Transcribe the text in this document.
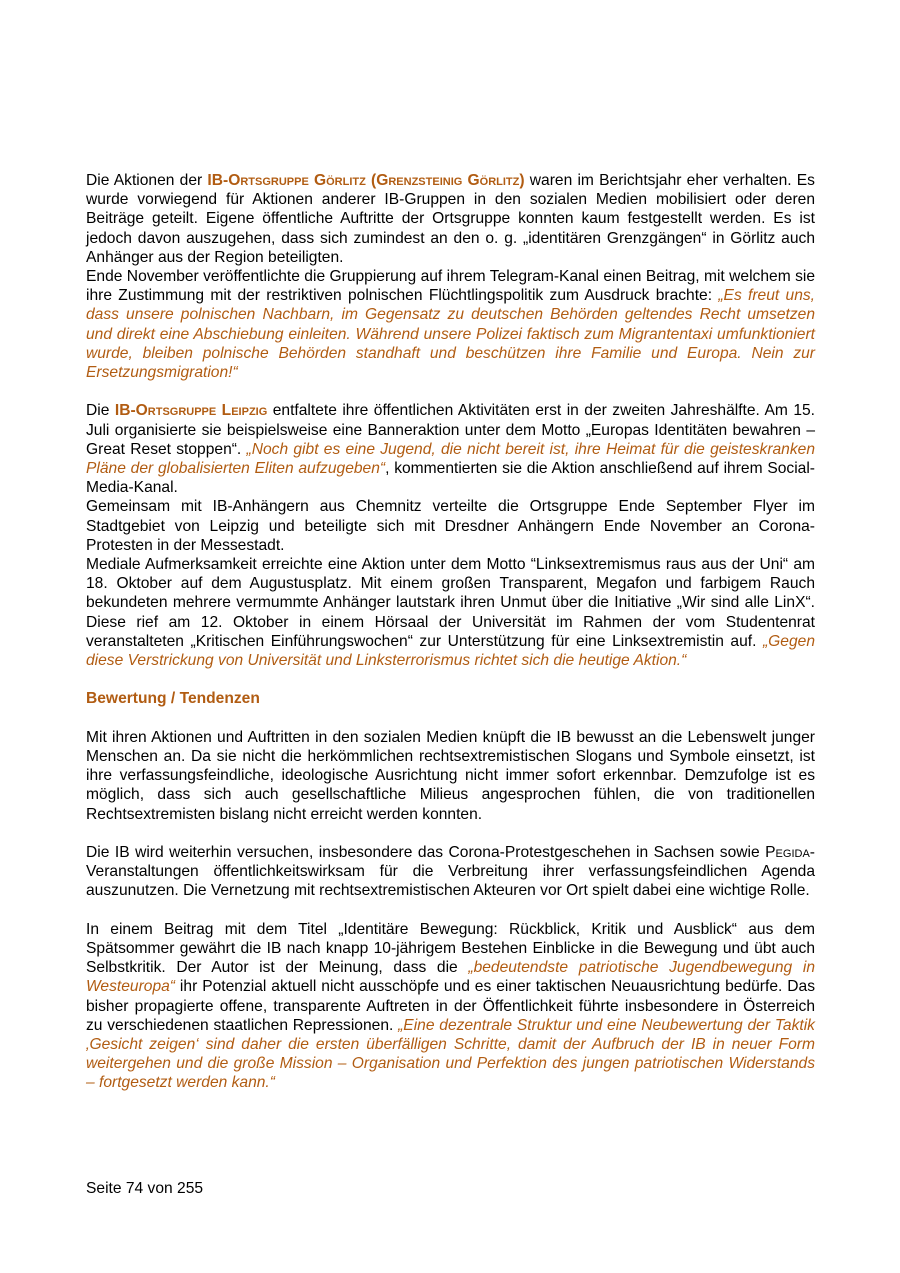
Die Aktionen der IB-Ortsgruppe Görlitz (Grenzsteinig Görlitz) waren im Berichtsjahr eher verhalten. Es wurde vorwiegend für Aktionen anderer IB-Gruppen in den sozialen Medien mobilisiert oder deren Beiträge geteilt. Eigene öffentliche Auftritte der Ortsgruppe konnten kaum festgestellt werden. Es ist jedoch davon auszugehen, dass sich zumindest an den o. g. „identitären Grenzgängen“ in Görlitz auch Anhänger aus der Region beteiligten.

Ende November veröffentlichte die Gruppierung auf ihrem Telegram-Kanal einen Beitrag, mit welchem sie ihre Zustimmung mit der restriktiven polnischen Flüchtlingspolitik zum Ausdruck brachte: „Es freut uns, dass unsere polnischen Nachbarn, im Gegensatz zu deutschen Behörden geltendes Recht umsetzen und direkt eine Abschiebung einleiten. Während unsere Polizei faktisch zum Migrantentaxi umfunktioniert wurde, bleiben polnische Behörden standhaft und beschützen ihre Familie und Europa. Nein zur Ersetzungsmigration!“

Die IB-Ortsgruppe Leipzig entfaltete ihre öffentlichen Aktivitäten erst in der zweiten Jahreshälfte. Am 15. Juli organisierte sie beispielsweise eine Banneraktion unter dem Motto „Europas Identitäten bewahren – Great Reset stoppen“. „Noch gibt es eine Jugend, die nicht bereit ist, ihre Heimat für die geisteskranken Pläne der globalisierten Eliten aufzugeben“, kommentierten sie die Aktion anschließend auf ihrem Social-Media-Kanal.

Gemeinsam mit IB-Anhängern aus Chemnitz verteilte die Ortsgruppe Ende September Flyer im Stadtgebiet von Leipzig und beteiligte sich mit Dresdner Anhängern Ende November an Corona-Protesten in der Messestadt.

Mediale Aufmerksamkeit erreichte eine Aktion unter dem Motto “Linksextremismus raus aus der Uni“ am 18. Oktober auf dem Augustusplatz. Mit einem großen Transparent, Megafon und farbigem Rauch bekundeten mehrere vermummte Anhänger lautstark ihren Unmut über die Initiative „Wir sind alle LinX“. Diese rief am 12. Oktober in einem Hörsaal der Universität im Rahmen der vom Studentenrat veranstalteten „Kritischen Einführungswochen“ zur Unterstützung für eine Linksextremistin auf. „Gegen diese Verstrickung von Universität und Linksterrorismus richtet sich die heutige Aktion.“

Bewertung / Tendenzen

Mit ihren Aktionen und Auftritten in den sozialen Medien knüpft die IB bewusst an die Lebenswelt junger Menschen an. Da sie nicht die herkömmlichen rechtsextremistischen Slogans und Symbole einsetzt, ist ihre verfassungsfeindliche, ideologische Ausrichtung nicht immer sofort erkennbar. Demzufolge ist es möglich, dass sich auch gesellschaftliche Milieus angesprochen fühlen, die von traditionellen Rechtsextremisten bislang nicht erreicht werden konnten.

Die IB wird weiterhin versuchen, insbesondere das Corona-Protestgeschehen in Sachsen sowie Pegida-Veranstaltungen öffentlichkeitswirksam für die Verbreitung ihrer verfassungsfeindlichen Agenda auszunutzen. Die Vernetzung mit rechtsextremistischen Akteuren vor Ort spielt dabei eine wichtige Rolle.

In einem Beitrag mit dem Titel „Identitäre Bewegung: Rückblick, Kritik und Ausblick“ aus dem Spätsommer gewährt die IB nach knapp 10-jährigem Bestehen Einblicke in die Bewegung und übt auch Selbstkritik. Der Autor ist der Meinung, dass die „bedeutendste patriotische Jugendbewegung in Westeuropa“ ihr Potenzial aktuell nicht ausschöpfe und es einer taktischen Neuausrichtung bedürfe. Das bisher propagierte offene, transparente Auftreten in der Öffentlichkeit führte insbesondere in Österreich zu verschiedenen staatlichen Repressionen. „Eine dezentrale Struktur und eine Neubewertung der Taktik ‚Gesicht zeigen‘ sind daher die ersten überfälligen Schritte, damit der Aufbruch der IB in neuer Form weitergehen und die große Mission – Organisation und Perfektion des jungen patriotischen Widerstands – fortgesetzt werden kann.“

Seite 74 von 255
